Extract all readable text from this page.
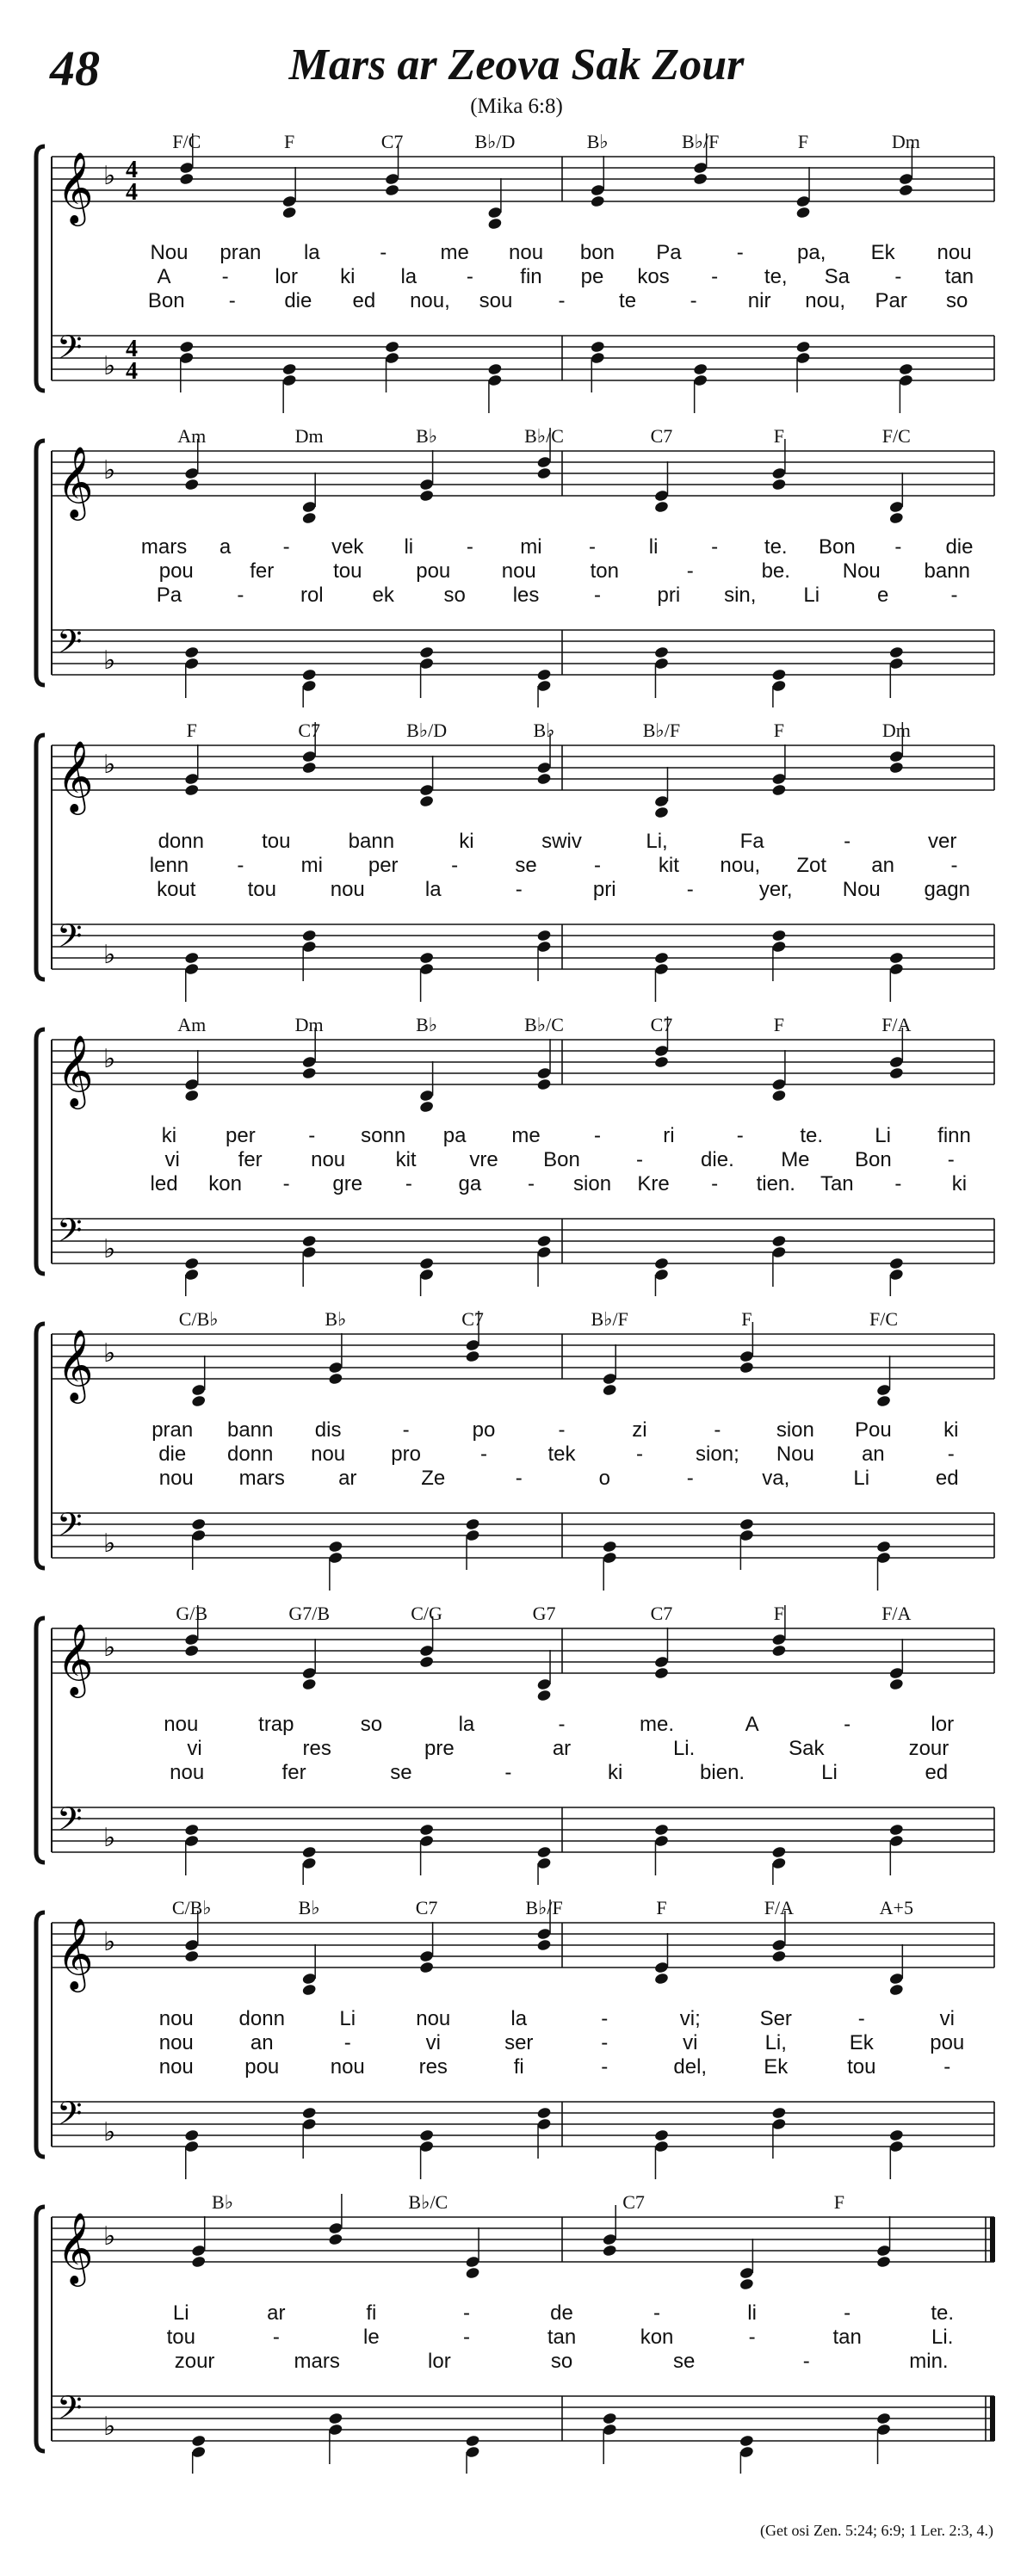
48	Mars ar Zeova Sak Zour
(Mika 6:8)
𝄞 ♭ 4
4
𝄢 ♭
4
4
F/C	F	C7	B♭/D	B♭	B♭/F	F	Dm
Nou pran la	-	me nou bon Pa	-	pa, Ek nou
A - lor ki la - fin pe kos - te, Sa - tan
Bon - die ed nou, sou -	te	- nir nou, Par so
𝄞 ♭
𝄢 ♭
Am	Dm	B♭	B♭/C	C7	F	F/C
mars a	- vek li	- mi -	li	- te. Bon - die
pou	fer	tou	pou nou	ton	-	be.	Nou bann
Pa	-	rol ek so les	-	pri sin, Li	e	-
𝄞 ♭
𝄢 ♭
F	C7	B♭/D	B♭	B♭/F	F	Dm
donn	tou	bann	ki	swiv	Li,	Fa	-	ver
lenn -	mi per	-	se	-	kit nou, Zot an	-
kout	tou	nou	la	-	pri	-	yer, Nou gagn
𝄞 ♭
𝄢 ♭
Am	Dm	B♭	B♭/C	C7	F	F/A
ki per	- sonn pa me	-	ri	-	te.	Li finn
vi	fer nou kit	vre Bon	-	die. Me Bon	-
led kon - gre - ga - sion Kre - tien. Tan - ki
𝄞 ♭
𝄢 ♭
C/B♭	B♭	C7	B♭/F	F	F/C
pran bann dis	-	po	-	zi	-	sion Pou	ki
die donn nou pro	-	tek	-	sion; Nou an	-
nou mars	ar	Ze	-	o	-	va,	Li	ed
𝄞 ♭
𝄢 ♭
G/B	G7/B	C/G	G7	C7	F	F/A
nou	trap	so	la	-	me.	A	-	lor
vi	res	pre	ar	Li.	Sak	zour
nou	fer	se	-	ki	bien.	Li	ed
𝄞 ♭
𝄢 ♭
C/B♭	B♭	C7	B♭/F	F	F/A	A+5
nou donn	Li	nou	la	-	vi;	Ser	-	vi
nou	an	-	vi	ser	-	vi	Li,	Ek	pou
nou pou nou	res	fi	-	del,	Ek	tou	-
𝄞 ♭
𝄢 ♭
B♭	B♭/C	C7	F
Li	ar	fi	-	de	-	li	-	te.
tou	-	le	-	tan	kon	-	tan	Li.
zour	mars	lor	so	se	-	min.
(Get osi Zen. 5:24; 6:9; 1 Ler. 2:3, 4.)
